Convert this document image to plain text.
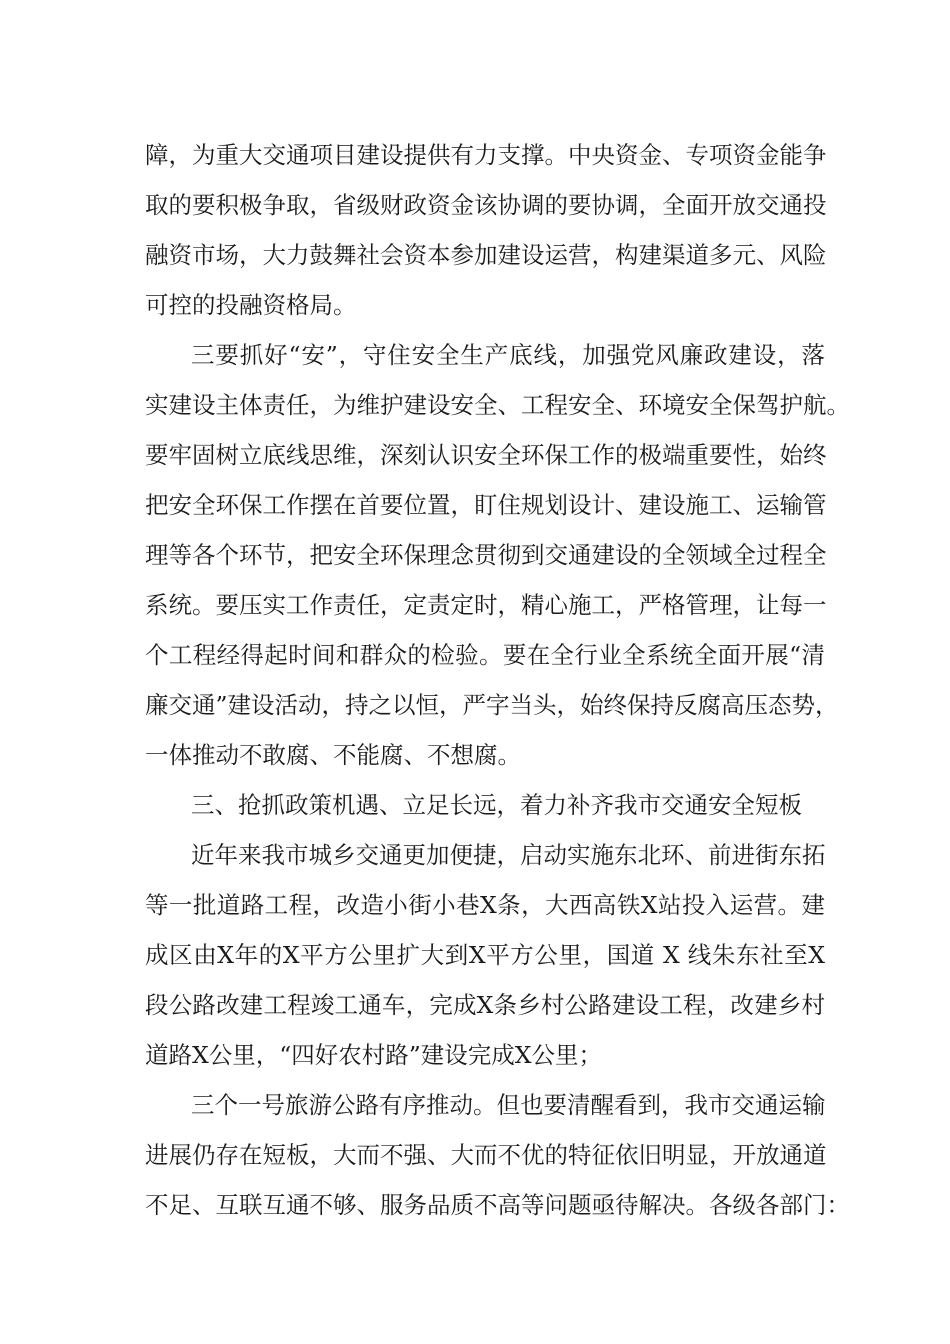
障，为重大交通项目建设提供有力支撑。中央资金、专项资金能争
取的要积极争取，省级财政资金该协调的要协调，全面开放交通投
融资市场，大力鼓舞社会资本参加建设运营，构建渠道多元、风险
可控的投融资格局。
三要抓好“安”，守住安全生产底线，加强党风廉政建设，落
实建设主体责任，为维护建设安全、工程安全、环境安全保驾护航。
要牢固树立底线思维，深刻认识安全环保工作的极端重要性，始终
把安全环保工作摆在首要位置，盯住规划设计、建设施工、运输管
理等各个环节，把安全环保理念贯彻到交通建设的全领域全过程全
系统。要压实工作责任，定责定时，精心施工，严格管理，让每一
个工程经得起时间和群众的检验。要在全行业全系统全面开展“清
廉交通”建设活动，持之以恒，严字当头，始终保持反腐高压态势，
一体推动不敢腐、不能腐、不想腐。
三、抢抓政策机遇、立足长远，着力补齐我市交通安全短板
近年来我市城乡交通更加便捷，启动实施东北环、前进街东拓
等一批道路工程，改造小街小巷X条，大西高铁X站投入运营。建
成区由X年的X平方公里扩大到X平方公里，国道 X 线朱东社至X
段公路改建工程竣工通车，完成X条乡村公路建设工程，改建乡村
道路X公里，“四好农村路”建设完成X公里；
三个一号旅游公路有序推动。但也要清醒看到，我市交通运输
进展仍存在短板，大而不强、大而不优的特征依旧明显，开放通道
不足、互联互通不够、服务品质不高等问题亟待解决。各级各部门：
